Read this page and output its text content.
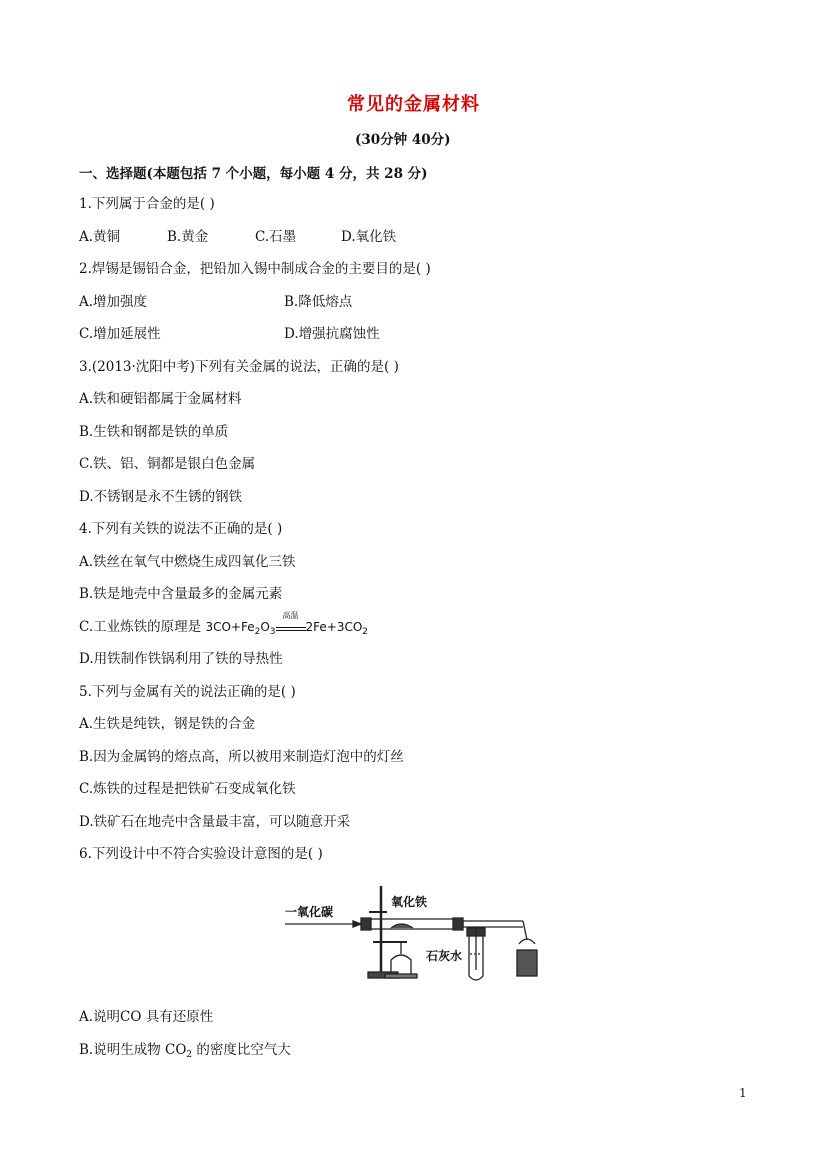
常见的金属材料
(30分钟 40分)
一、选择题(本题包括 7 个小题，每小题 4 分，共 28 分)
1.下列属于合金的是( )
A.黄铜	B.黄金	C.石墨	D.氧化铁
2.焊锡是锡铅合金，把铅加入锡中制成合金的主要目的是( )
A.增加强度	B.降低熔点
C.增加延展性	D.增强抗腐蚀性
3.(2013·沈阳中考)下列有关金属的说法，正确的是( )
A.铁和硬铝都属于金属材料
B.生铁和钢都是铁的单质
C.铁、铝、铜都是银白色金属
D.不锈钢是永不生锈的钢铁
4.下列有关铁的说法不正确的是( )
A.铁丝在氧气中燃烧生成四氧化三铁
B.铁是地壳中含量最多的金属元素
C.工业炼铁的原理是 $3CO+Fe_2O_3$
高温
$2Fe+3CO_2$
D.用铁制作铁锅利用了铁的导热性
5.下列与金属有关的说法正确的是( )
A.生铁是纯铁，钢是铁的合金
B.因为金属钨的熔点高，所以被用来制造灯泡中的灯丝
C.炼铁的过程是把铁矿石变成氧化铁
D.铁矿石在地壳中含量最丰富，可以随意开采
6.下列设计中不符合实验设计意图的是( )
一氧化碳
氧化铁
石灰水
A.说明CO 具有还原性
B.说明生成物 $CO_2$ 的密度比空气大
1
